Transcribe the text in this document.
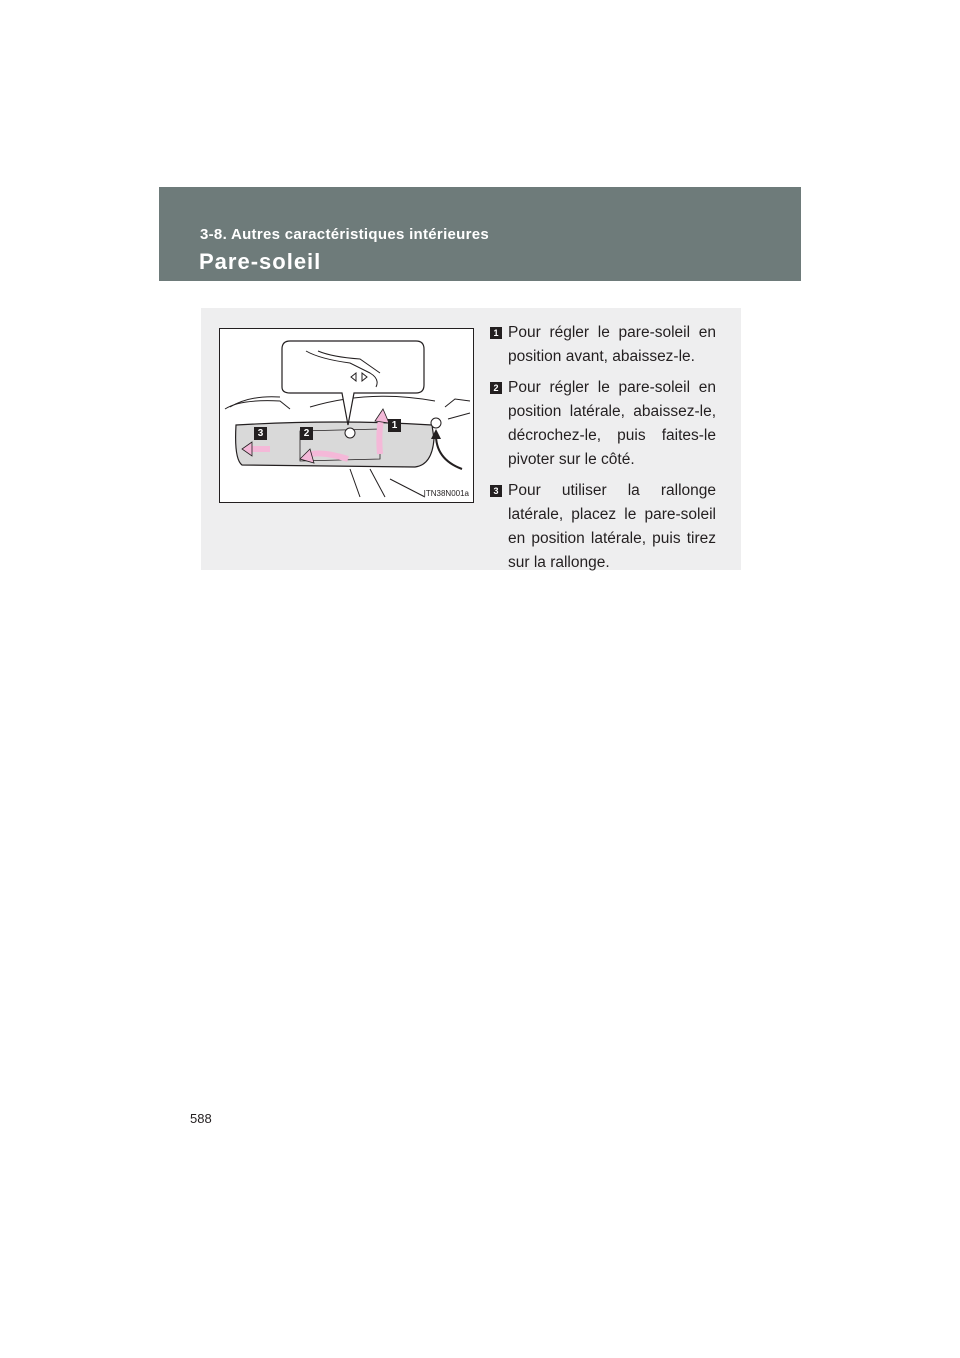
3-8. Autres caractéristiques intérieures
Pare-soleil
3	2
1
ITN38N001a
1 Pour régler le pare-soleil en position avant, abaissez-le.
2 Pour régler le pare-soleil en position latérale, abaissez-le, décrochez-le, puis faites-le pivoter sur le côté.
3 Pour utiliser la rallonge latérale, placez le pare-soleil en position latérale, puis tirez sur la rallonge.
588
